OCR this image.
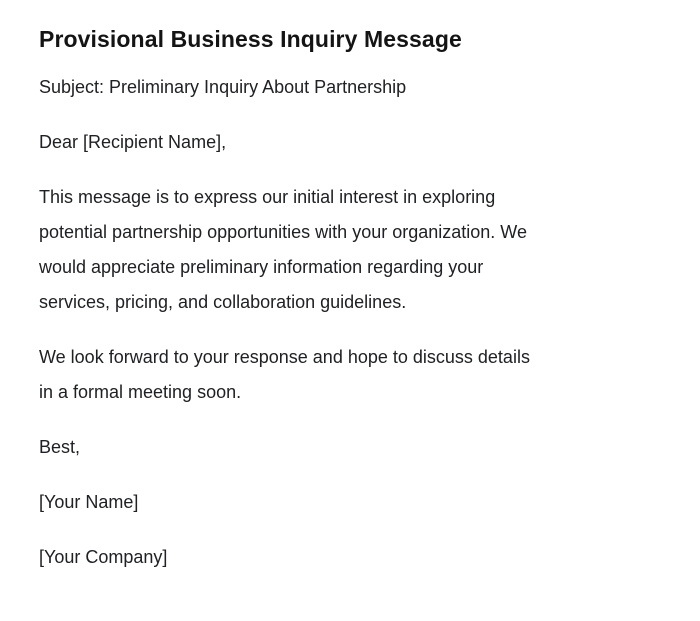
Provisional Business Inquiry Message

Subject: Preliminary Inquiry About Partnership

Dear [Recipient Name],

This message is to express our initial interest in exploring
potential partnership opportunities with your organization. We
would appreciate preliminary information regarding your
services, pricing, and collaboration guidelines.
We look forward to your response and hope to discuss details
in a formal meeting soon.

Best,

[Your Name]

[Your Company]
